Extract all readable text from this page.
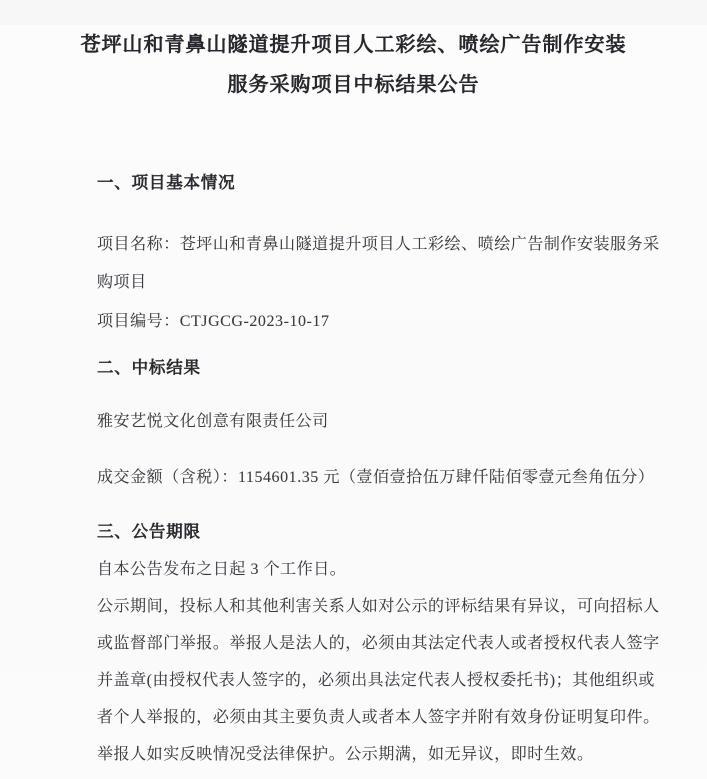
苍坪山和青鼻山隧道提升项目人工彩绘、喷绘广告制作安装
服务采购项目中标结果公告
一、项目基本情况
项目名称：苍坪山和青鼻山隧道提升项目人工彩绘、喷绘广告制作安装服务采
购项目
项目编号：CTJGCG-2023-10-17
二、中标结果
雅安艺悦文化创意有限责任公司
成交金额（含税）：1154601.35 元（壹佰壹拾伍万肆仟陆佰零壹元叁角伍分）
三、公告期限
自本公告发布之日起 3 个工作日。
公示期间，投标人和其他利害关系人如对公示的评标结果有异议，可向招标人
或监督部门举报。举报人是法人的，必须由其法定代表人或者授权代表人签字
并盖章(由授权代表人签字的，必须出具法定代表人授权委托书)；其他组织或
者个人举报的，必须由其主要负责人或者本人签字并附有效身份证明复印件。
举报人如实反映情况受法律保护。公示期满，如无异议，即时生效。
